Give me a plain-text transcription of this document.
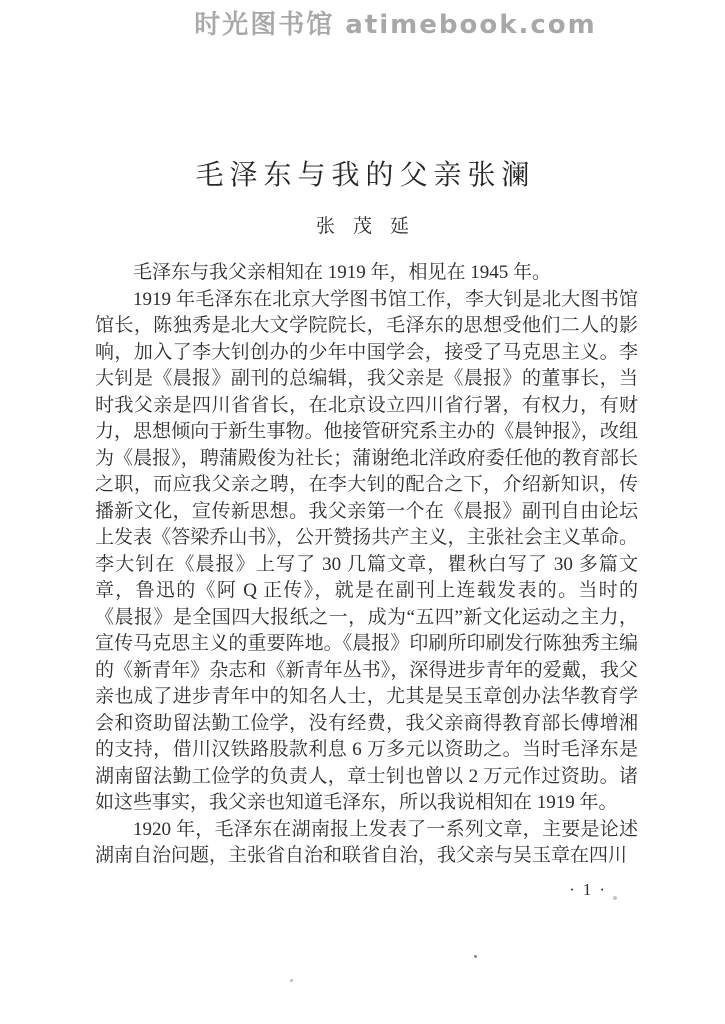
时光图书馆 atimebook.com
毛泽东与我的父亲张澜
张茂延

毛泽东与我父亲相知在 1919 年，相见在 1945 年。

1919 年毛泽东在北京大学图书馆工作，李大钊是北大图书馆馆长，陈独秀是北大文学院院长，毛泽东的思想受他们二人的影响，加入了李大钊创办的少年中国学会，接受了马克思主义。李大钊是《晨报》副刊的总编辑，我父亲是《晨报》的董事长，当时我父亲是四川省省长，在北京设立四川省行署，有权力，有财力，思想倾向于新生事物。他接管研究系主办的《晨钟报》，改组为《晨报》，聘蒲殿俊为社长；蒲谢绝北洋政府委任他的教育部长之职，而应我父亲之聘，在李大钊的配合之下，介绍新知识，传播新文化，宣传新思想。我父亲第一个在《晨报》副刊自由论坛上发表《答梁乔山书》，公开赞扬共产主义，主张社会主义革命。李大钊在《晨报》上写了 30 几篇文章，瞿秋白写了 30 多篇文章，鲁迅的《阿 Q 正传》，就是在副刊上连载发表的。当时的《晨报》是全国四大报纸之一，成为“五四”新文化运动之主力，宣传马克思主义的重要阵地。《晨报》印刷所印刷发行陈独秀主编的《新青年》杂志和《新青年丛书》，深得进步青年的爱戴，我父亲也成了进步青年中的知名人士，尤其是吴玉章创办法华教育学会和资助留法勤工俭学，没有经费，我父亲商得教育部长傅增湘的支持，借川汉铁路股款利息 6 万多元以资助之。当时毛泽东是湖南留法勤工俭学的负责人，章士钊也曾以 2 万元作过资助。诸如这些事实，我父亲也知道毛泽东，所以我说相知在 1919 年。

1920 年，毛泽东在湖南报上发表了一系列文章，主要是论述湖南自治问题，主张省自治和联省自治，我父亲与吴玉章在四川

·1·
